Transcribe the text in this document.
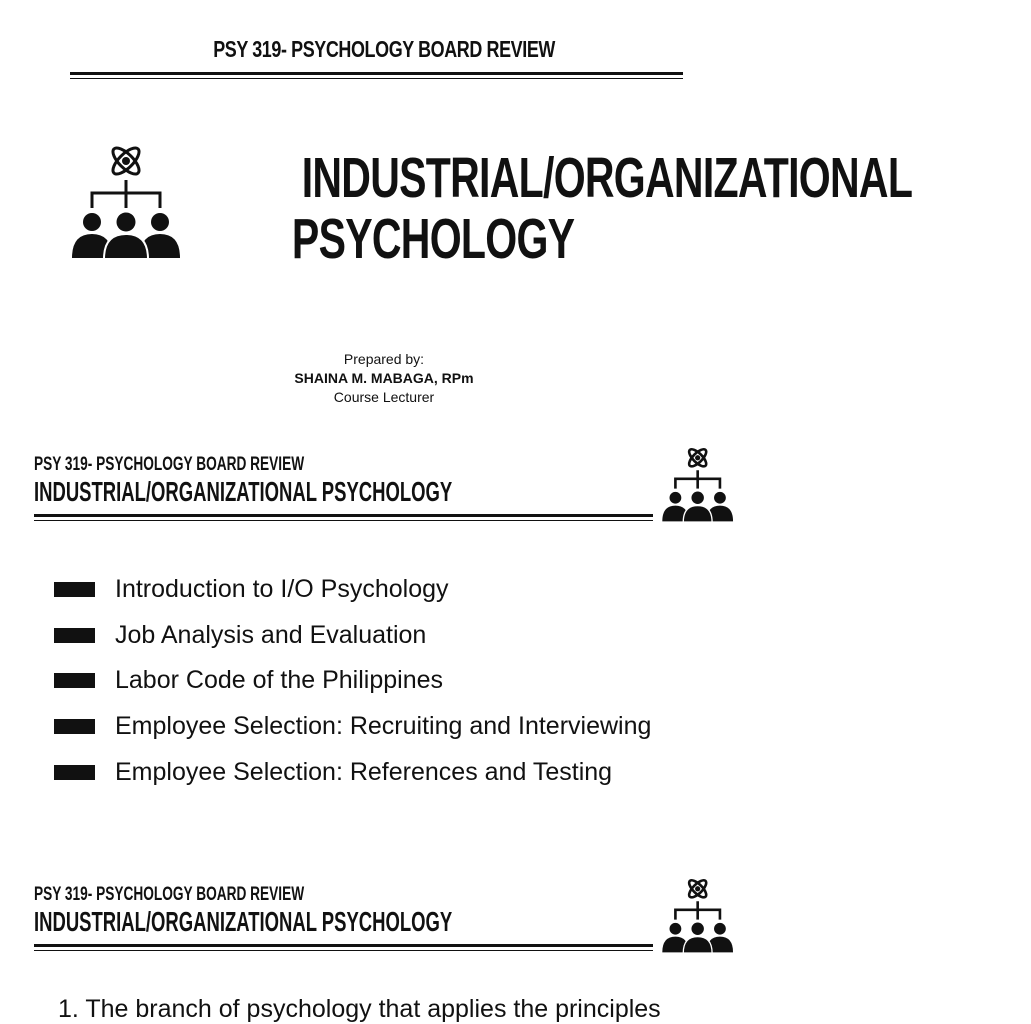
PSY 319- PSYCHOLOGY BOARD REVIEW
INDUSTRIAL/ORGANIZATIONAL
PSYCHOLOGY
Prepared by:
SHAINA M. MABAGA, RPm
Course Lecturer
PSY 319- PSYCHOLOGY BOARD REVIEW
INDUSTRIAL/ORGANIZATIONAL PSYCHOLOGY
Introduction to I/O Psychology
Job Analysis and Evaluation
Labor Code of the Philippines
Employee Selection: Recruiting and Interviewing
Employee Selection: References and Testing
PSY 319- PSYCHOLOGY BOARD REVIEW
INDUSTRIAL/ORGANIZATIONAL PSYCHOLOGY
1. The branch of psychology that applies the principles
